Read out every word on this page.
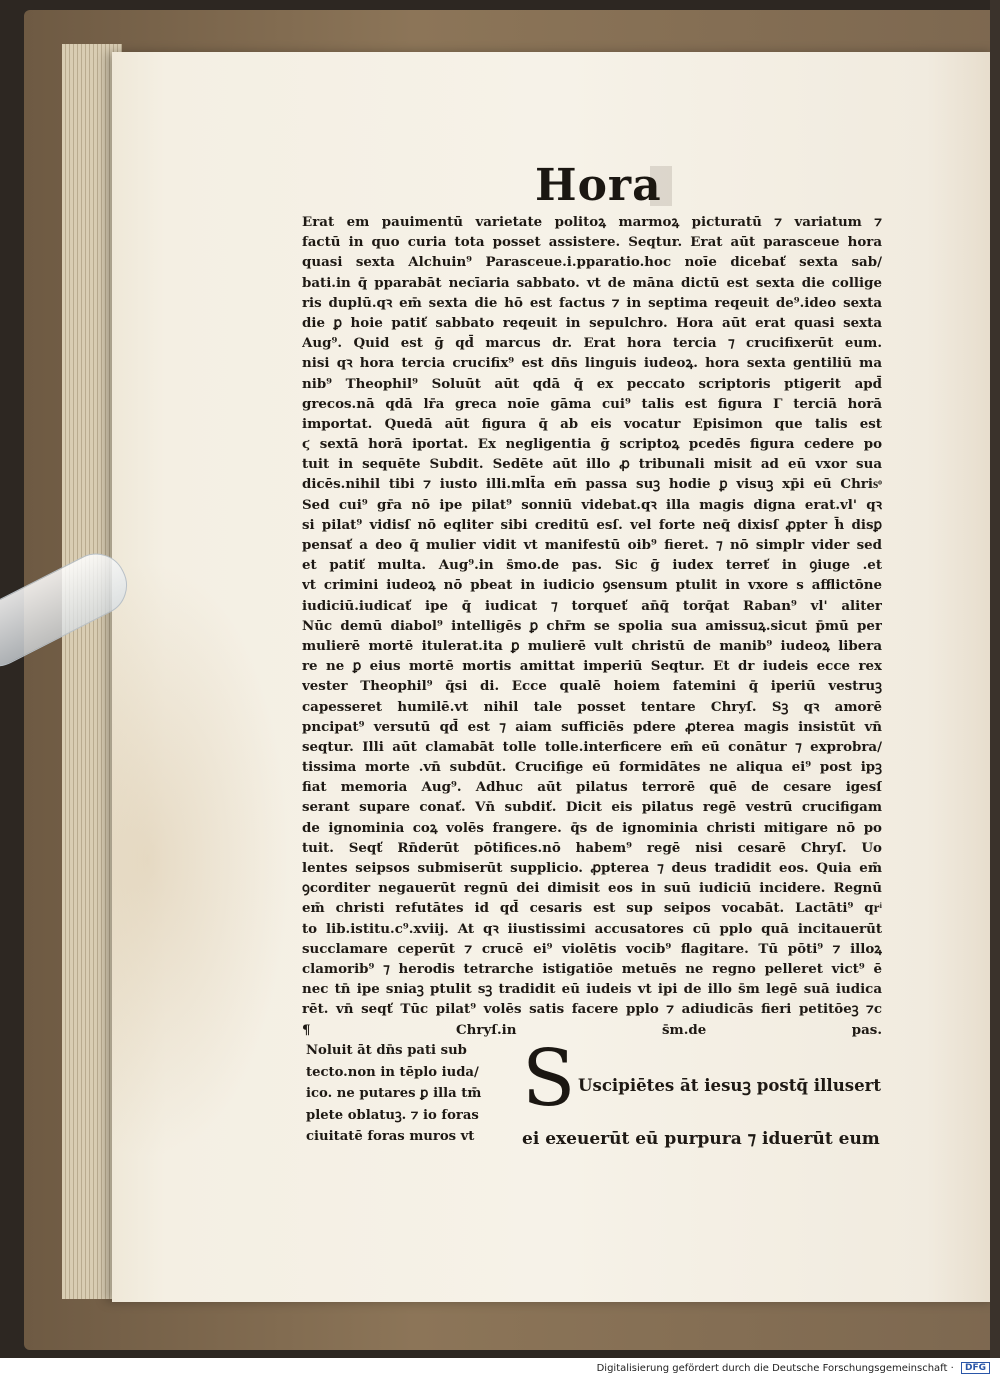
Hora
Erat em pauimentū varietate politoꝝ marmoꝝ picturatū ⁊ variatum ⁊
factū in quo curia tota posset assistere. Seqtur. Erat aūt parasceue hora
quasi sexta Alchuin⁹ Parasceue.i.pparatio.hoc noīe dicebať sexta sab/
bati.in q̄ pparabāt necīaria sabbato. vt de māna dictū est sexta die collige
ris duplū.qꝛ em̄ sexta die hō est factus ⁊ in septima reqeuit de⁹.ideo sexta
die ꝑ hoie patiť sabbato reqeuit in sepulchro. Hora aūt erat quasi sexta
Aug⁹. Quid est ḡ qd̄ marcus dr. Erat hora tercia ⁊ crucifixerūt eum.
nisi qꝛ hora tercia crucifix⁹ est dn̄s linguis iudeoꝝ. hora sexta gentiliū ma
nib⁹ Theophil⁹ Soluūt aūt qdā q̄ ex peccato scriptoris ptigerit apd̄
grecos.nā qdā lr̄a greca noīe gāma cui⁹ talis est figura Γ terciā horā
importat. Quedā aūt figura q̄ ab eis vocatur Episimon que talis est
ϛ sextā horā iportat. Ex negligentia ḡ scriptoꝝ pcedēs figura cedere po
tuit in sequēte Subdit. Sedēte aūt illo ꝓ tribunali misit ad eū vxor sua
dicēs.nihil tibi ⁊ iusto illi.mlt̄a em̄ passa suꝫ hodie ꝑ visuꝫ xp̄i eū Chrisͦ
Sed cui⁹ gr̄a nō ipe pilat⁹ sonniū videbat.qꝛ illa magis digna erat.vl' qꝛ
si pilat⁹ vidisſ nō eqliter sibi creditū esſ. vel forte neq̄ dixisſ ꝓpter h̄ disꝑ
pensať a deo q̄ mulier vidit vt manifestū oib⁹ fieret. ⁊ nō simplr vider sed
et patiť multa. Aug⁹.in s̄mo.de pas. Sic ḡ iudex terreť in ꝯiuge .et
vt crimini iudeoꝝ nō pbeat in iudicio ꝯsensum ptulit in vxore s afflictōne
iudiciū.iudicať ipe q̄ iudicat ⁊ torqueť an̄q̄ torq̄at Raban⁹ vl' aliter
Nūc demū diabol⁹ intelligēs ꝑ chr̄m se spolia sua amissuꝝ.sicut p̄mū per
mulierē mortē itulerat.ita ꝑ mulierē vult christū de manib⁹ iudeoꝝ libera
re ne ꝑ eius mortē mortis amittat imperiū Seqtur. Et dr iudeis ecce rex
vester Theophil⁹ q̄si di. Ecce qualē hoiem fatemini q̄ iperiū vestruꝫ
capesseret humilē.vt nihil tale posset tentare Chryſ. Sꝫ qꝛ amorē
pncipat⁹ versutū qd̄ est ⁊ aiam sufficiēs pdere ꝓterea magis insistūt vn̄
seqtur. Illi aūt clamabāt tolle tolle.interficere em̄ eū conātur ⁊ exprobra/
tissima morte .vn̄ subdūt. Crucifige eū formidātes ne aliqua ei⁹ post ipꝫ
fiat memoria Aug⁹. Adhuc aūt pilatus terrorē quē de cesare igesſ
serant supare conať. Vn̄ subdiť. Dicit eis pilatus regē vestrū crucifigam
de ignominia coꝝ volēs frangere. q̄s de ignominia christi mitigare nō po
tuit. Seqť Rn̄derūt pōtifices.nō habem⁹ regē nisi cesarē Chryſ. Uo
lentes seipsos submiserūt supplicio. ꝓpterea ⁊ deus tradidit eos. Quia em̄
ꝯcorditer negauerūt regnū dei dimisit eos in suū iudiciū incidere. Regnū
em̄ christi refutātes id qd̄ cesaris est sup seipos vocabāt. Lactāti⁹ qrͥ
to lib.istitu.c⁹.xviij. At qꝛ iiustissimi accusatores cū pplo quā incitauerūt
succlamare ceperūt ⁊ crucē ei⁹ violētis vocib⁹ flagitare. Tū pōti⁹ ⁊ illoꝝ
clamorib⁹ ⁊ herodis tetrarche istigatiōe metuēs ne regno pelleret vict⁹ ē
nec tn̄ ipe sniaꝫ ptulit sꝫ tradidit eū iudeis vt ipi de illo s̄m legē suā iudica
rēt. vn̄ seqť Tūc pilat⁹ volēs satis facere pplo ⁊ adiudicās fieri petitōeꝫ ⁊c
¶ Chryſ.in s̄m.de pas.
Noluit āt dn̄s pati sub
tecto.non in tēplo iuda/
ico. ne putares ꝑ illa tm̄
plete oblatuꝫ. ⁊ io foras
ciuitatē foras muros vt
S Uscipiētes āt iesuꝫ postq̄ illusert
ei exeuerūt eū purpura ⁊ iduerūt eum
Digitalisierung gefördert durch die Deutsche Forschungsgemeinschaft · DFG
